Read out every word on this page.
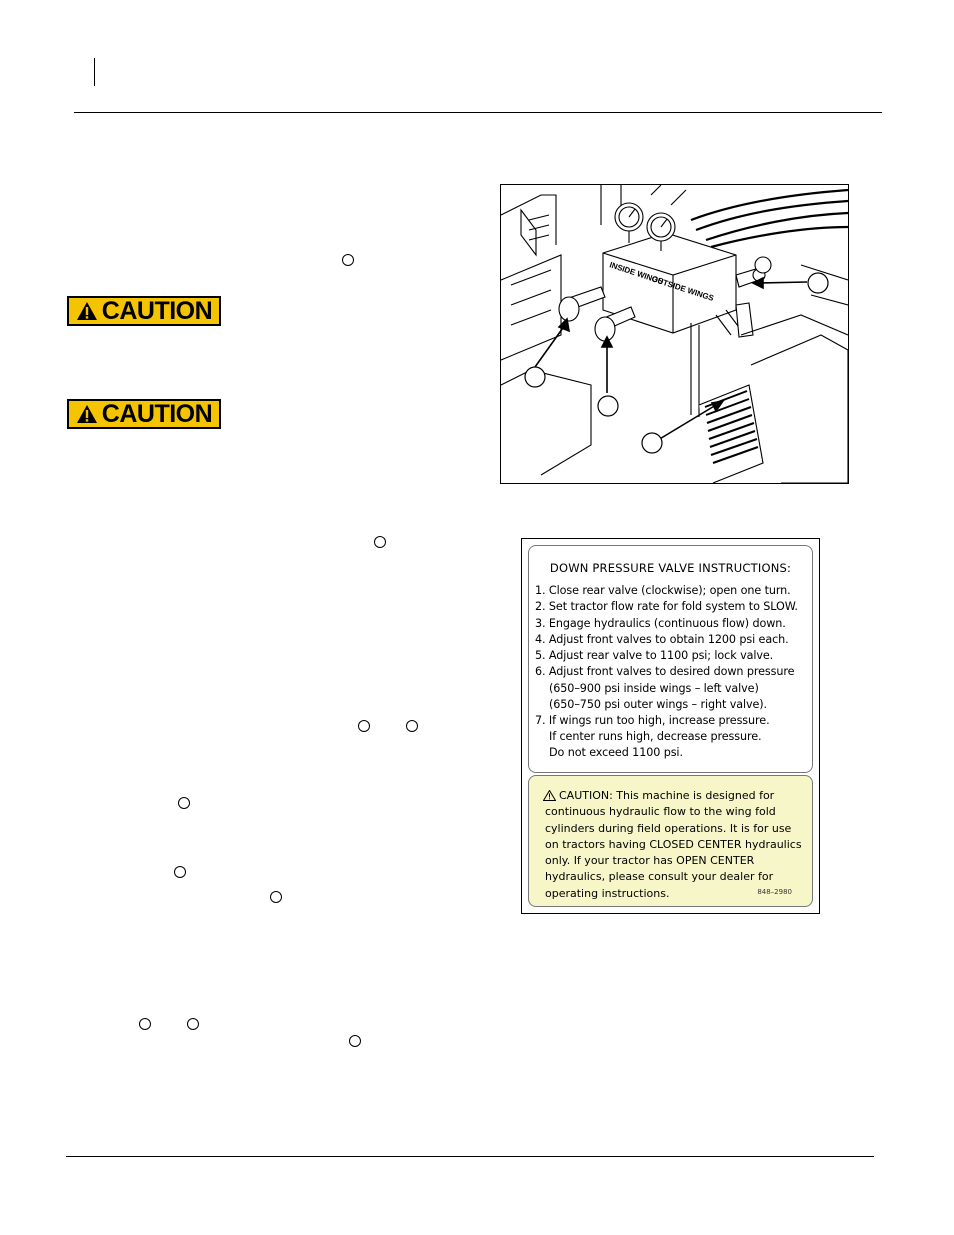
CAUTION
CAUTION
INSIDE WINGS
OUTSIDE WINGS
DOWN PRESSURE VALVE INSTRUCTIONS:
1. Close rear valve (clockwise); open one turn.
2. Set tractor flow rate for fold system to SLOW.
3. Engage hydraulics (continuous flow) down.
4. Adjust front valves to obtain 1200 psi each.
5. Adjust rear valve to 1100 psi; lock valve.
6. Adjust front valves to desired down pressure
(650–900 psi inside wings – left valve)
(650–750 psi outer wings – right valve).
7. If wings run too high, increase pressure.
If center runs high, decrease pressure.
Do not exceed 1100 psi.
CAUTION: This machine is designed for continuous hydraulic flow to the wing fold cylinders during field operations. It is for use on tractors having CLOSED CENTER hydraulics only. If your tractor has OPEN CENTER hydraulics, please consult your dealer for operating instructions.	848–2980
